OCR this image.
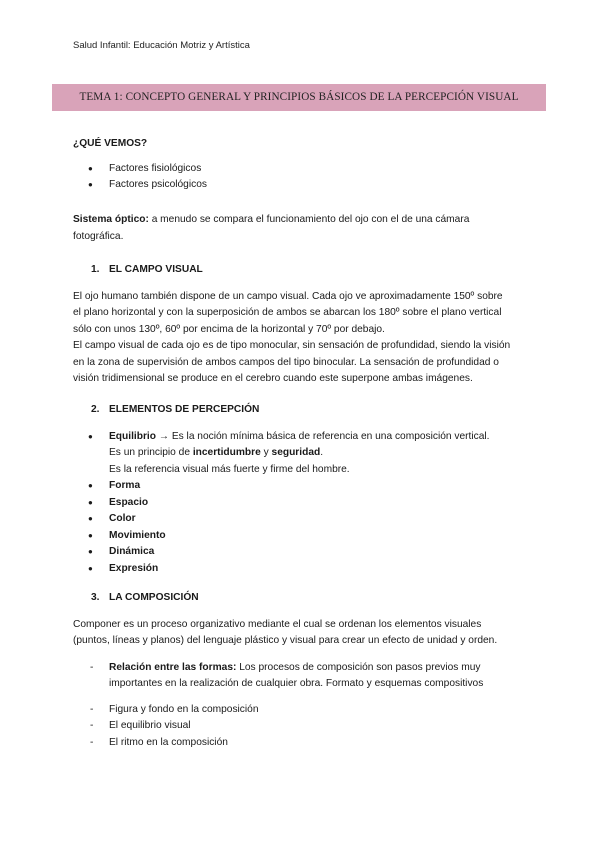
Salud Infantil: Educación Motriz y Artística
TEMA 1: CONCEPTO GENERAL Y PRINCIPIOS BÁSICOS DE LA PERCEPCIÓN VISUAL

¿QUÉ VEMOS?

● Factores fisiológicos
● Factores psicológicos

Sistema óptico: a menudo se compara el funcionamiento del ojo con el de una cámara

fotográfica.

1. EL CAMPO VISUAL

El ojo humano también dispone de un campo visual. Cada ojo ve aproximadamente 150º sobre

el plano horizontal y con la superposición de ambos se abarcan los 180º sobre el plano vertical

sólo con unos 130º, 60º por encima de la horizontal y 70º por debajo.

El campo visual de cada ojo es de tipo monocular, sin sensación de profundidad, siendo la visión

en la zona de supervisión de ambos campos del tipo binocular. La sensación de profundidad o

visión tridimensional se produce en el cerebro cuando este superpone ambas imágenes.

2. ELEMENTOS DE PERCEPCIÓN

● Equilibrio → Es la noción mínima básica de referencia en una composición vertical.
Es un principio de incertidumbre y seguridad.
Es la referencia visual más fuerte y firme del hombre.
● Forma
● Espacio
● Color
● Movimiento
● Dinámica
● Expresión

3. LA COMPOSICIÓN

Componer es un proceso organizativo mediante el cual se ordenan los elementos visuales

(puntos, líneas y planos) del lenguaje plástico y visual para crear un efecto de unidad y orden.

- Relación entre las formas: Los procesos de composición son pasos previos muy

importantes en la realización de cualquier obra. Formato y esquemas compositivos

- Figura y fondo en la composición
- El equilibrio visual
- El ritmo en la composición
